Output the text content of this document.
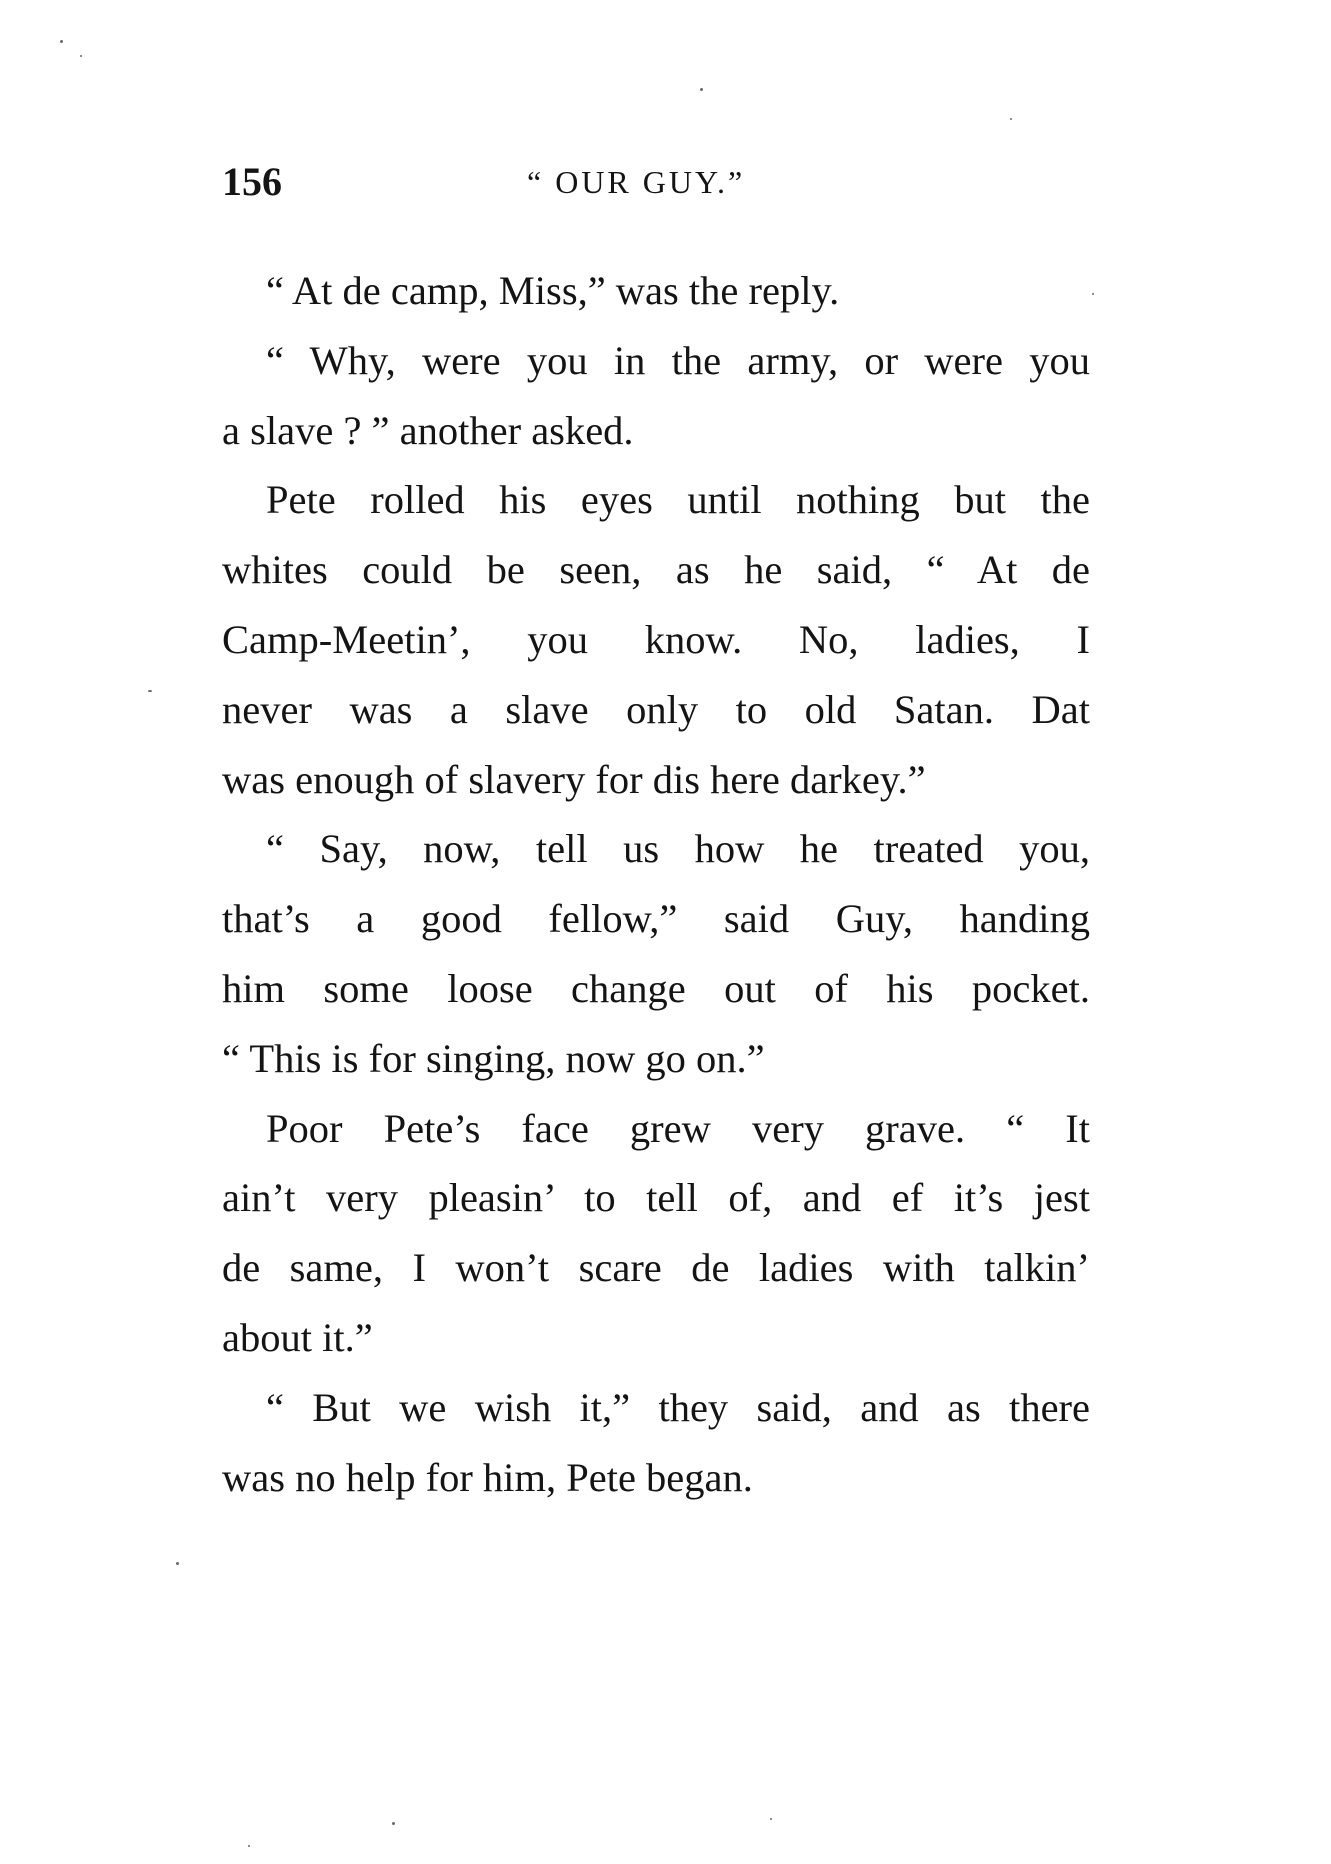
156	“ OUR GUY.”

“ At de camp, Miss,” was the reply.

“ Why, were you in the army, or were you
a slave ? ” another asked.

Pete rolled his eyes until nothing but the
whites could be seen, as he said, “ At de
Camp-Meetin’, you know. No, ladies, I
never was a slave only to old Satan. Dat
was enough of slavery for dis here darkey.”

“ Say, now, tell us how he treated you,
that’s a good fellow,” said Guy, handing
him some loose change out of his pocket.
“ This is for singing, now go on.”

Poor Pete’s face grew very grave. “ It
ain’t very pleasin’ to tell of, and ef it’s jest
de same, I won’t scare de ladies with talkin’
about it.”

“ But we wish it,” they said, and as there
was no help for him, Pete began.
